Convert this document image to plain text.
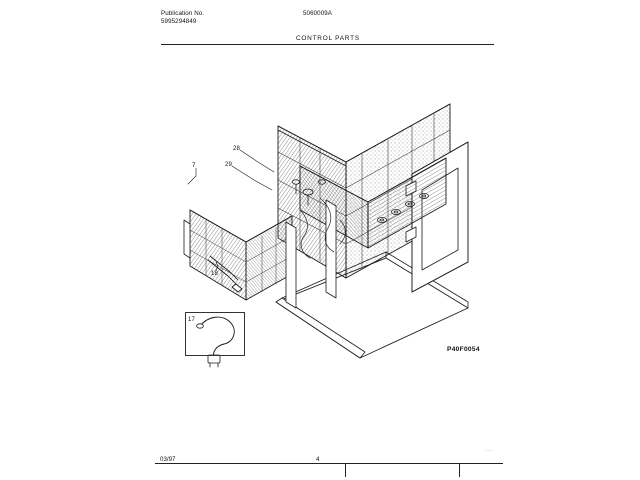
Publication No.
5995294849
5060009A
CONTROL PARTS
7
28
29
18
17
P40F0054
03/97	4
···
